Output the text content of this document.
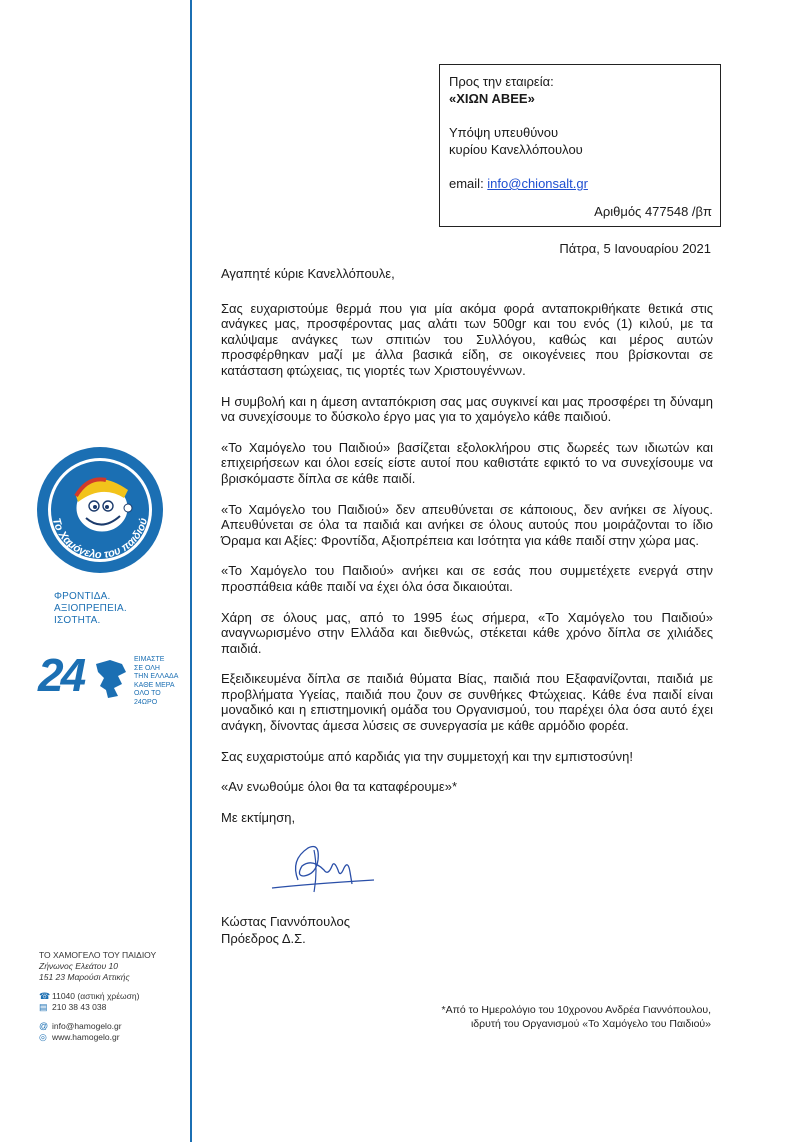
Το Χαμόγελο του παιδιού
ΦΡΟΝΤΙΔΑ.
ΑΞΙΟΠΡΕΠΕΙΑ.
ΙΣΟΤΗΤΑ.
24	ΕΙΜΑΣΤΕ
ΣΕ ΟΛΗ
ΤΗΝ ΕΛΛΑΔΑ
ΚΑΘΕ ΜΕΡΑ
ΟΛΟ ΤΟ 24ΩΡΟ
ΤΟ ΧΑΜΟΓΕΛΟ ΤΟΥ ΠΑΙΔΙΟΥ
Ζήνωνος Ελεάτου 10
151 23 Μαρούσι Αττικής
☎ 11040 (αστική χρέωση)
▤ 210 38 43 038
@ info@hamogelo.gr
◎ www.hamogelo.gr
Προς την εταιρεία:
«ΧΙΩΝ ΑΒΕΕ»
Υπόψη υπευθύνου
κυρίου Κανελλόπουλου
email: info@chionsalt.gr
Αριθμός 477548 /βπ
Πάτρα, 5 Ιανουαρίου 2021

Αγαπητέ κύριε Κανελλόπουλε,

Σας ευχαριστούμε θερμά που για μία ακόμα φορά ανταποκριθήκατε θετικά στις ανάγκες μας, προσφέροντας μας αλάτι των 500gr και του ενός (1) κιλού, με τα καλύψαμε ανάγκες των σπιτιών του Συλλόγου, καθώς και μέρος αυτών προσφέρθηκαν μαζί με άλλα βασικά είδη, σε οικογένειες που βρίσκονται σε κατάσταση φτώχειας, τις γιορτές των Χριστουγέννων.

Η συμβολή και η άμεση ανταπόκριση σας μας συγκινεί και μας προσφέρει τη δύναμη να συνεχίσουμε το δύσκολο έργο μας για το χαμόγελο κάθε παιδιού.

«Το Χαμόγελο του Παιδιού» βασίζεται εξολοκλήρου στις δωρεές των ιδιωτών και επιχειρήσεων και όλοι εσείς είστε αυτοί που καθιστάτε εφικτό το να συνεχίσουμε να βρισκόμαστε δίπλα σε κάθε παιδί.

«Το Χαμόγελο του Παιδιού» δεν απευθύνεται σε κάποιους, δεν ανήκει σε λίγους. Απευθύνεται σε όλα τα παιδιά και ανήκει σε όλους αυτούς που μοιράζονται το ίδιο Όραμα και Αξίες: Φροντίδα, Αξιοπρέπεια και Ισότητα για κάθε παιδί στην χώρα μας.

«Το Χαμόγελο του Παιδιού» ανήκει και σε εσάς που συμμετέχετε ενεργά στην προσπάθεια κάθε παιδί να έχει όλα όσα δικαιούται.

Χάρη σε όλους μας, από το 1995 έως σήμερα, «Το Χαμόγελο του Παιδιού» αναγνωρισμένο στην Ελλάδα και διεθνώς, στέκεται κάθε χρόνο δίπλα σε χιλιάδες παιδιά.

Εξειδικευμένα δίπλα σε παιδιά θύματα Βίας, παιδιά που Εξαφανίζονται, παιδιά με προβλήματα Υγείας, παιδιά που ζουν σε συνθήκες Φτώχειας. Κάθε ένα παιδί είναι μοναδικό και η επιστημονική ομάδα του Οργανισμού, του παρέχει όλα όσα αυτό έχει ανάγκη, δίνοντας άμεσα λύσεις σε συνεργασία με κάθε αρμόδιο φορέα.

Σας ευχαριστούμε από καρδιάς για την συμμετοχή και την εμπιστοσύνη!

«Αν ενωθούμε όλοι θα τα καταφέρουμε»*

Με εκτίμηση,

Κώστας Γιαννόπουλος
Πρόεδρος Δ.Σ.
*Από το Ημερολόγιο του 10χρονου Ανδρέα Γιαννόπουλου,
ιδρυτή του Οργανισμού «Το Χαμόγελο του Παιδιού»
